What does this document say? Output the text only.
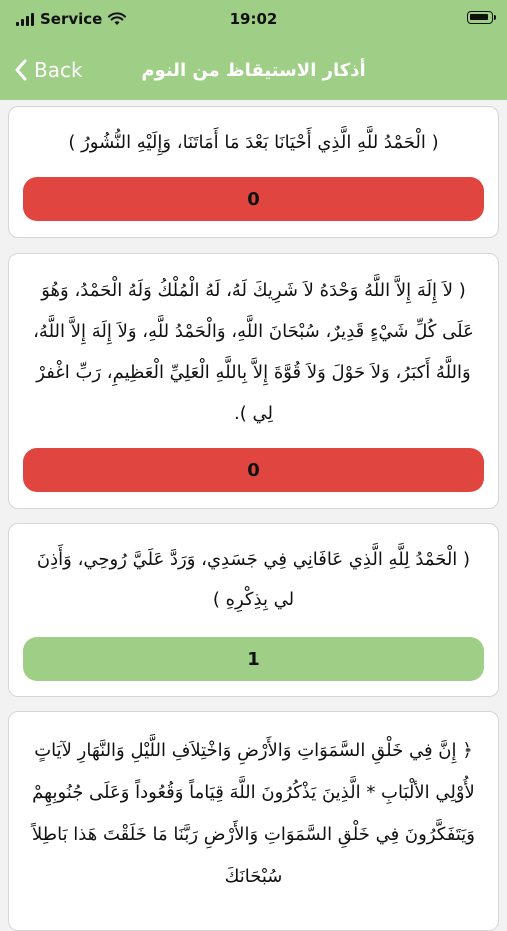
Service	19:02
Back	أذكار الاستيقاظ من النوم
( الْحَمْدُ للَّهِ الَّذِي أَحْيَانَا بَعْدَ مَا أَمَاتَنَا، وَإِلَيْهِ النُّشُورُ )
0
( لاَ إِلَهَ إِلاَّ اللَّهُ وَحْدَهُ لاَ شَرِيكَ لَهُ، لَهُ الْمُلْكُ وَلَهُ الْحَمْدُ، وَهُوَ عَلَى كُلِّ شَيْءٍ قَدِيرٌ، سُبْحَانَ اللَّهِ، وَالْحَمْدُ للَّهِ، وَلاَ إِلَهَ إِلاَّ اللَّهُ، وَاللَّهُ أَكبَرُ، وَلاَ حَوْلَ وَلاَ قُوَّةَ إِلاَّ بِاللَّهِ الْعَلِيِّ الْعَظِيمِ، رَبِّ اغْفرْ لِي ).
0
( الْحَمْدُ لِلَّهِ الَّذِي عَافَانِي فِي جَسَدِي، وَرَدَّ عَلَيَّ رُوحِي، وَأَذِنَ لي بِذِكْرِهِ )
1
﴿ إِنَّ فِي خَلْقِ السَّمَوَاتِ وَالأَرْضِ وَاخْتِلاَفِ اللَّيْلِ وَالنَّهَارِ لآيَاتٍ لأُوْلِي الألْبَابِ * الَّذِينَ يَذْكُرُونَ اللَّهَ قِيَاماً وَقُعُوداً وَعَلَى جُنُوبِهِمْ وَيَتَفَكَّرُونَ فِي خَلْقِ السَّمَوَاتِ وَالأَرْضِ رَبَّنَا مَا خَلَقْتَ هَذا بَاطِلاً سُبْحَانَكَ
